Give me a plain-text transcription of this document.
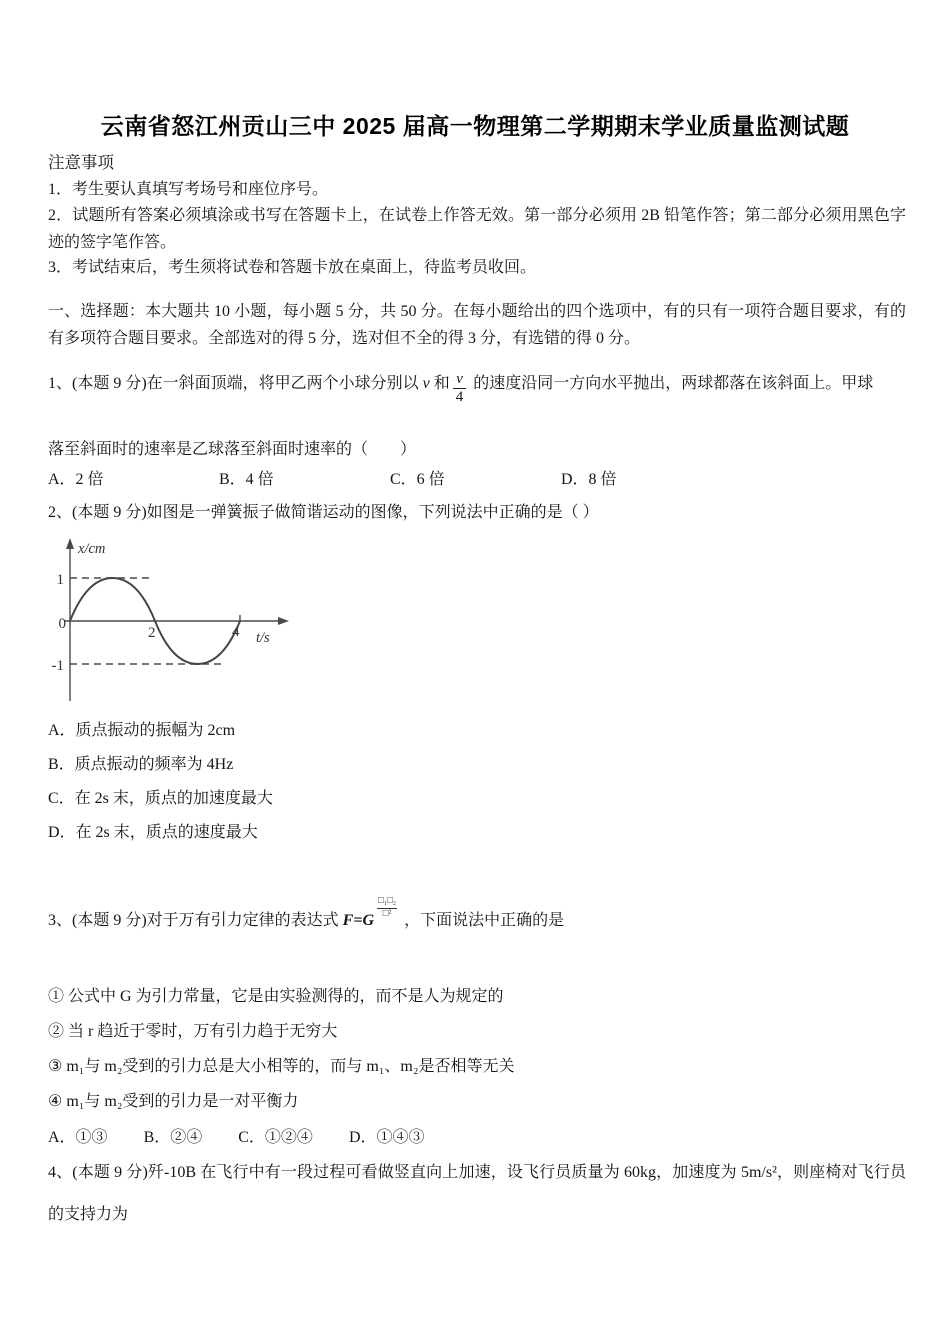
云南省怒江州贡山三中 2025 届高一物理第二学期期末学业质量监测试题
注意事项
1．考生要认真填写考场号和座位序号。
2．试题所有答案必须填涂或书写在答题卡上，在试卷上作答无效。第一部分必须用 2B 铅笔作答；第二部分必须用黑色字迹的签字笔作答。
3．考试结束后，考生须将试卷和答题卡放在桌面上，待监考员收回。
一、选择题：本大题共 10 小题，每小题 5 分，共 50 分。在每小题给出的四个选项中，有的只有一项符合题目要求，有的有多项符合题目要求。全部选对的得 5 分，选对但不全的得 3 分，有选错的得 0 分。
1、(本题 9 分)在一斜面顶端，将甲乙两个小球分别以 v 和 $\frac{v}{4}$ 的速度沿同一方向水平抛出，两球都落在该斜面上。甲球
落至斜面时的速率是乙球落至斜面时速率的（　　）
A．2 倍	B．4 倍	C．6 倍	D．8 倍
2、(本题 9 分)如图是一弹簧振子做简谐运动的图像，下列说法中正确的是（ ）
x/cm
t/s
1
0
-1
2	4
A．质点振动的振幅为 2cm
B．质点振动的频率为 4Hz
C．在 2s 末，质点的加速度最大
D．在 2s 末，质点的速度最大
3、(本题 9 分)对于万有引力定律的表达式 $F=G \frac{\text{□₁□₂}}{\text{□²}}$ ，下面说法中正确的是
① 公式中 G 为引力常量，它是由实验测得的，而不是人为规定的
② 当 r 趋近于零时，万有引力趋于无穷大
③ m₁与 m₂受到的引力总是大小相等的，而与 m₁、m₂是否相等无关
④ m₁与 m₂受到的引力是一对平衡力
A．①③ B．②④ C．①②④ D．①④③
4、(本题 9 分)歼-10B 在飞行中有一段过程可看做竖直向上加速，设飞行员质量为 60kg，加速度为 5m/s²，则座椅对飞行员的支持力为
